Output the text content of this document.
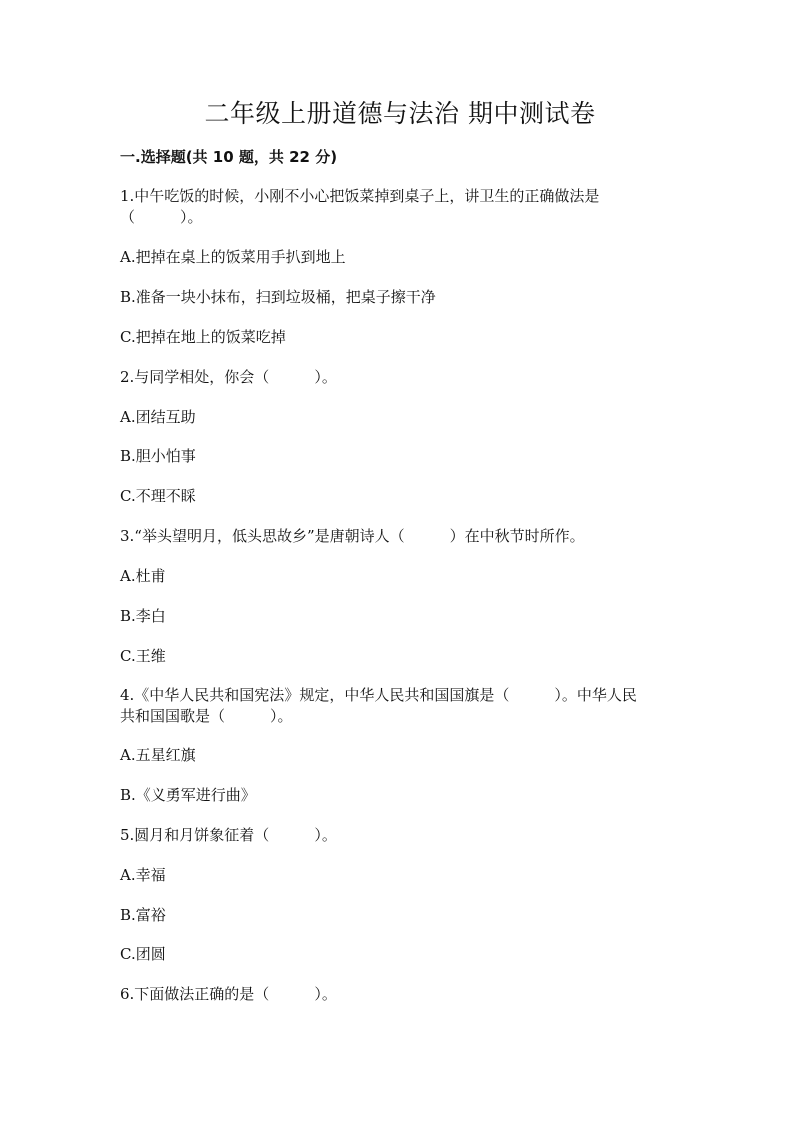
二年级上册道德与法治 期中测试卷
一.选择题(共 10 题，共 22 分)
1.中午吃饭的时候，小刚不小心把饭菜掉到桌子上，讲卫生的正确做法是
（　　　）。
A.把掉在桌上的饭菜用手扒到地上
B.准备一块小抹布，扫到垃圾桶，把桌子擦干净
C.把掉在地上的饭菜吃掉
2.与同学相处，你会（　　　）。
A.团结互助
B.胆小怕事
C.不理不睬
3.“举头望明月，低头思故乡”是唐朝诗人（　　　）在中秋节时所作。
A.杜甫
B.李白
C.王维
4.《中华人民共和国宪法》规定，中华人民共和国国旗是（　　　）。中华人民
共和国国歌是（　　　）。
A.五星红旗
B.《义勇军进行曲》
5.圆月和月饼象征着（　　　）。
A.幸福
B.富裕
C.团圆
6.下面做法正确的是（　　　）。
